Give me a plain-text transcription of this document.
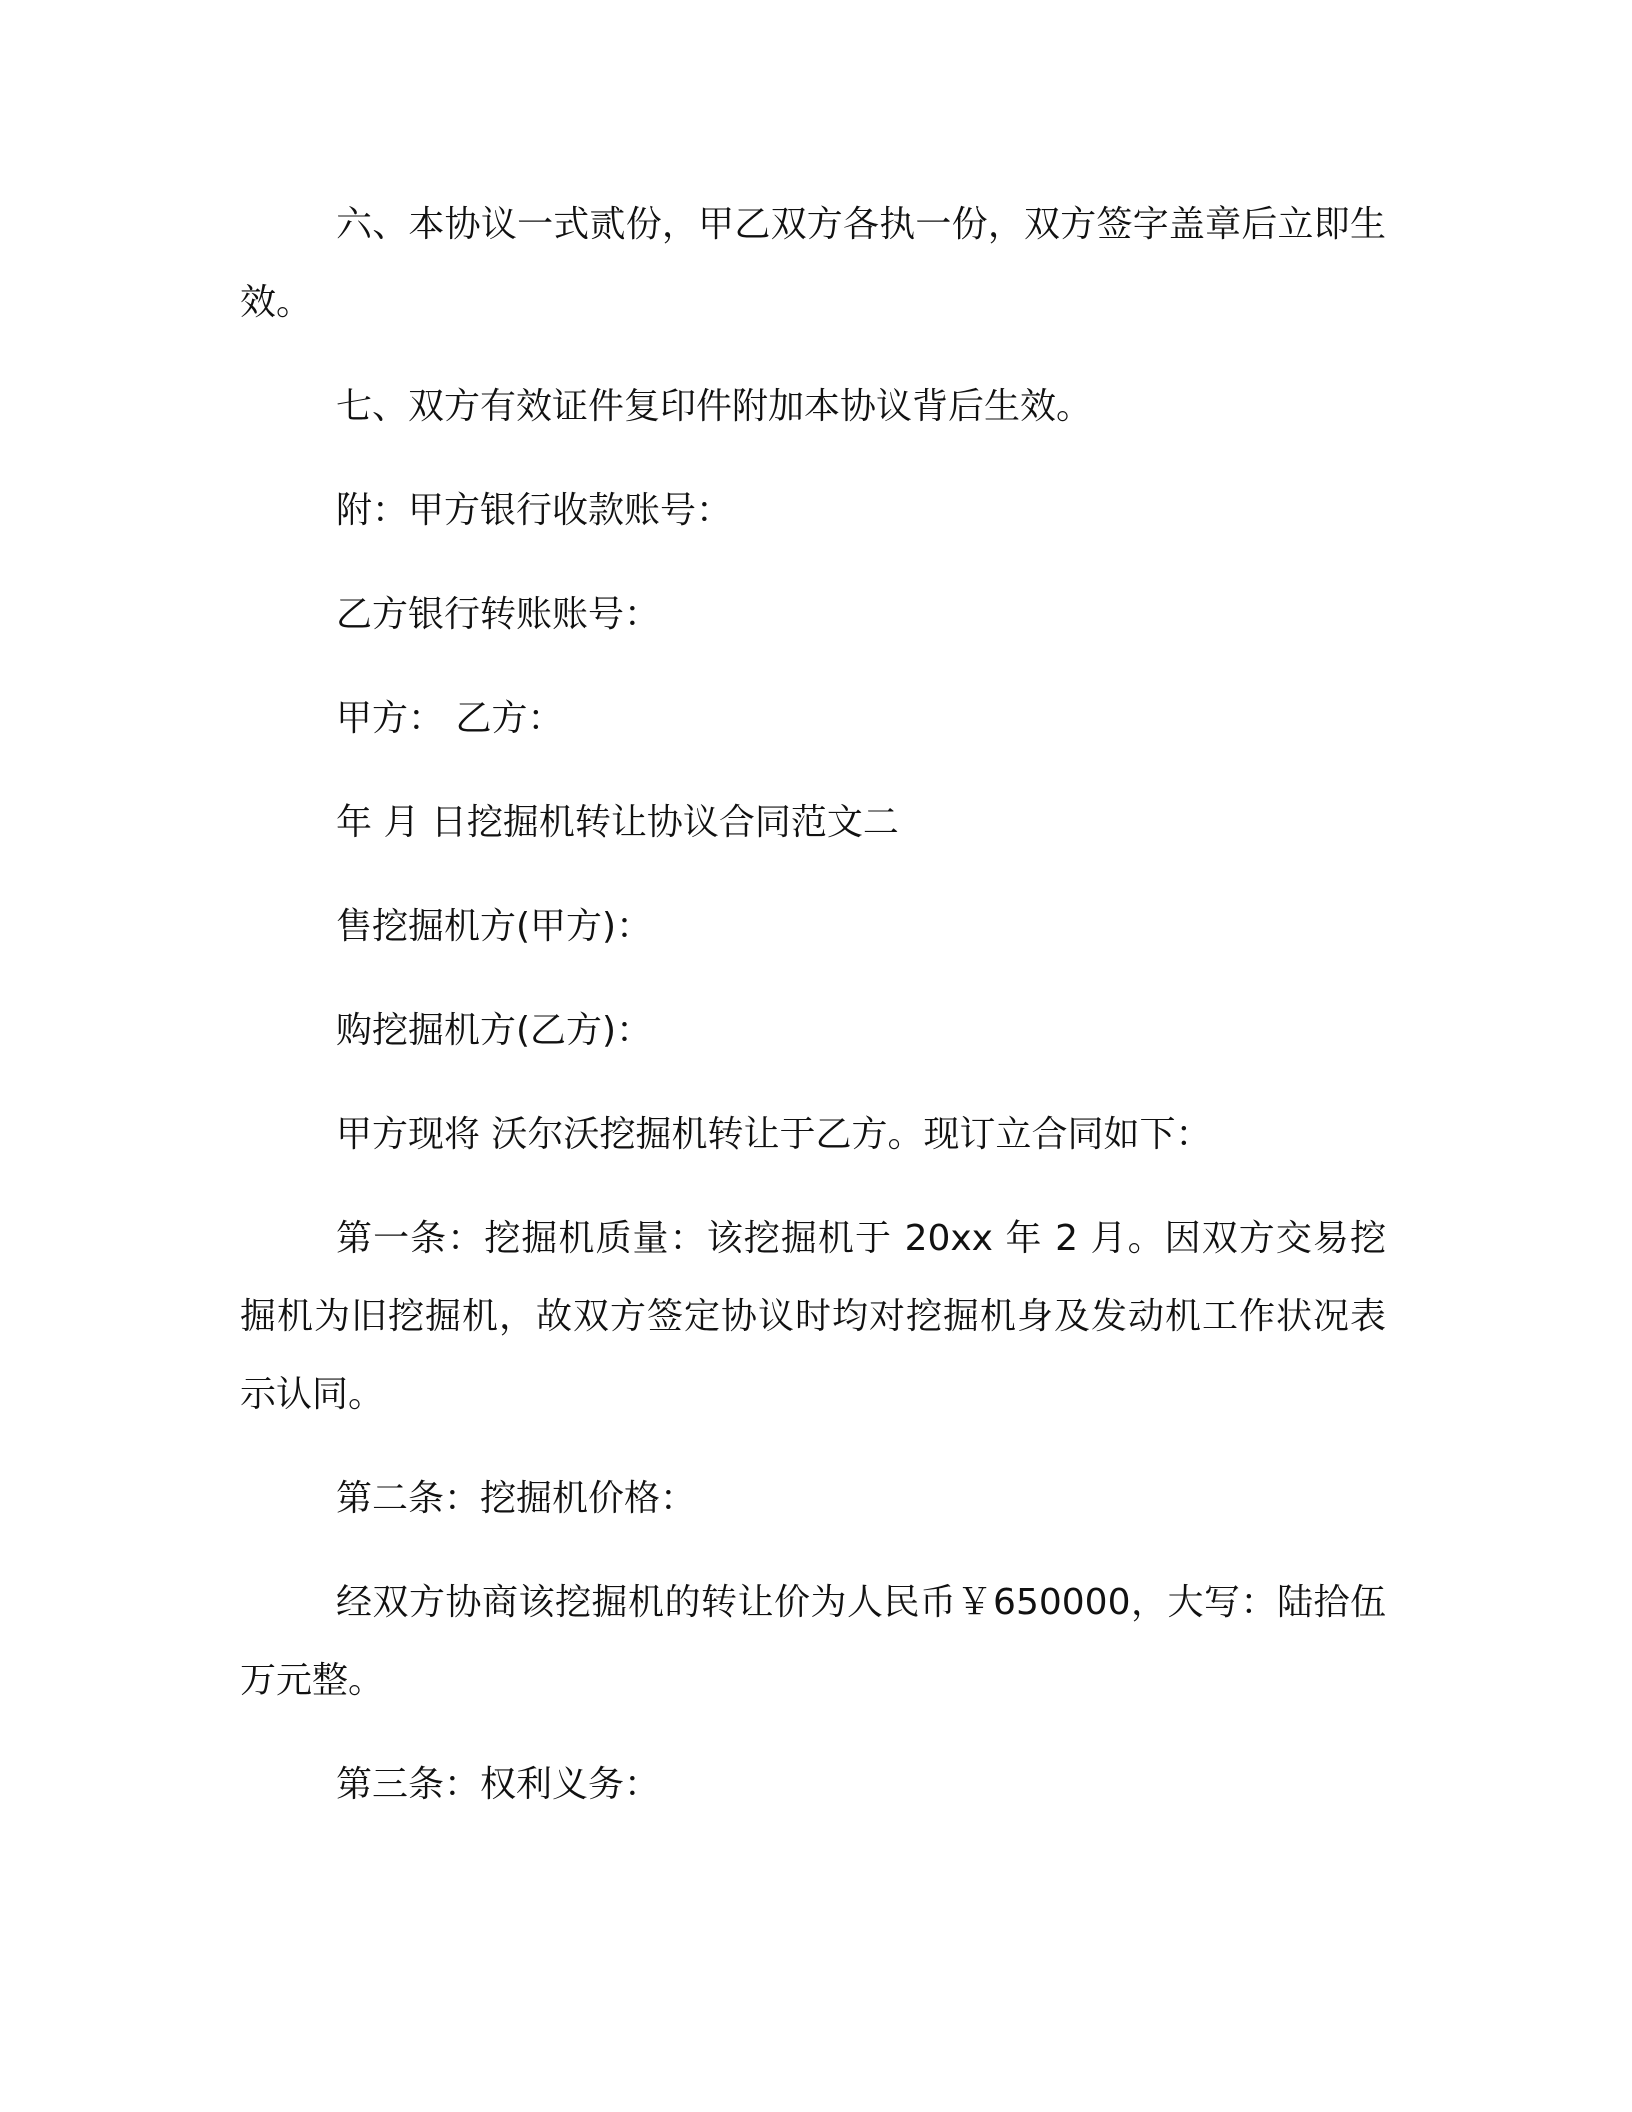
六、本协议一式贰份，甲乙双方各执一份，双方签字盖章后立即生效。

七、双方有效证件复印件附加本协议背后生效。

附：甲方银行收款账号：

乙方银行转账账号：

甲方： 乙方：

年 月 日挖掘机转让协议合同范文二

售挖掘机方(甲方)：

购挖掘机方(乙方)：

甲方现将 沃尔沃挖掘机转让于乙方。现订立合同如下：

第一条：挖掘机质量：该挖掘机于 20xx 年 2 月。因双方交易挖掘机为旧挖掘机，故双方签定协议时均对挖掘机身及发动机工作状况表示认同。

第二条：挖掘机价格：

经双方协商该挖掘机的转让价为人民币￥650000，大写：陆拾伍万元整。

第三条：权利义务：
